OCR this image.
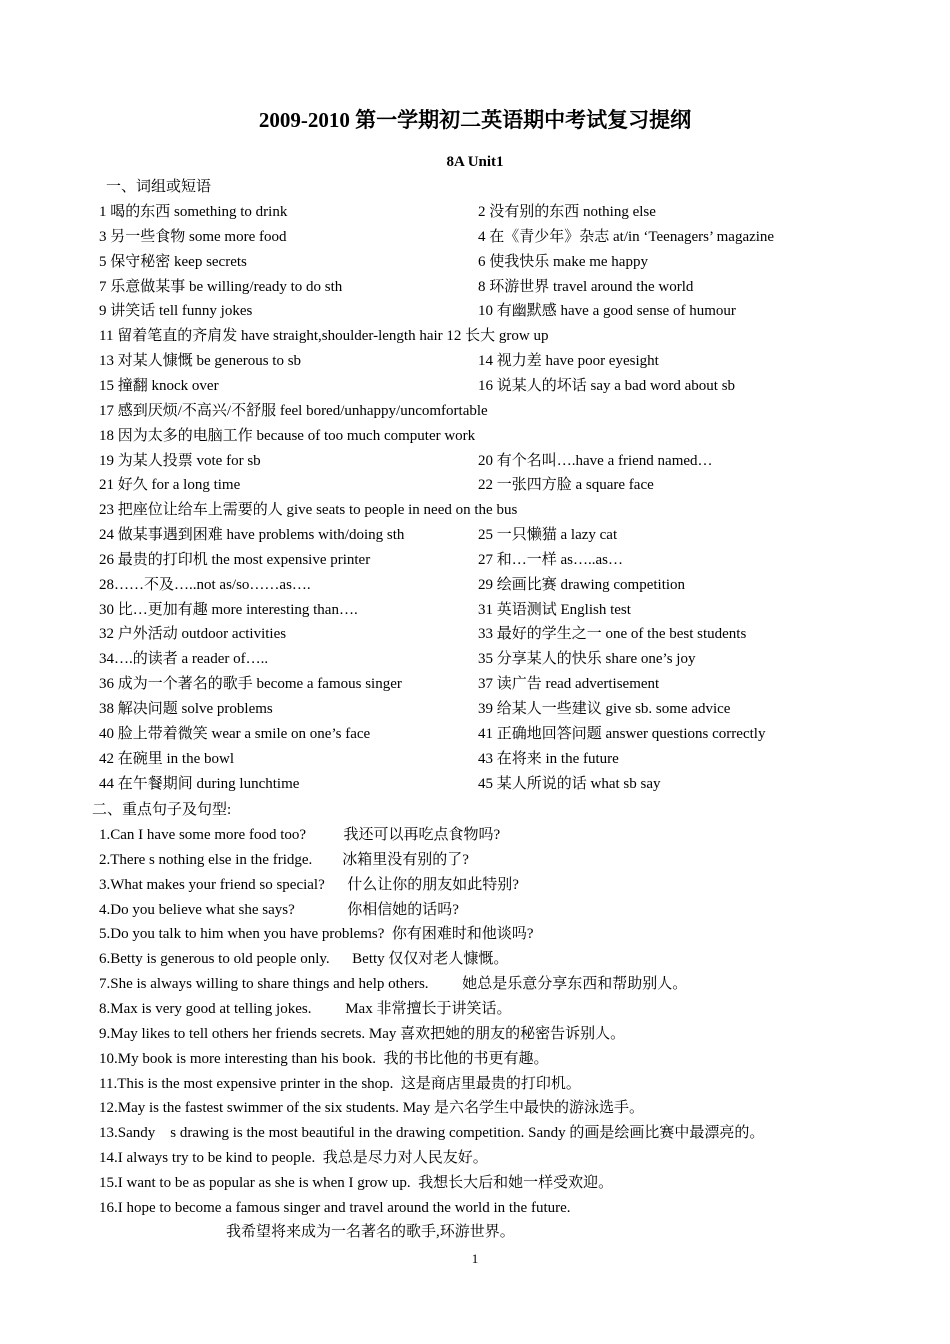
2009-2010 第一学期初二英语期中考试复习提纲
8A Unit1
一、词组或短语
1 喝的东西 something to drink	2 没有别的东西 nothing else
3 另一些食物 some more food	4 在《青少年》杂志 at/in ‘Teenagers’ magazine
5 保守秘密 keep secrets	6 使我快乐 make me happy
7 乐意做某事 be willing/ready to do sth	8 环游世界 travel around the world
9 讲笑话 tell funny jokes	10 有幽默感 have a good sense of humour
11 留着笔直的齐肩发 have straight,shoulder-length hair 12 长大 grow up
13 对某人慷慨 be generous to sb	14 视力差 have poor eyesight
15 撞翻 knock over	16 说某人的坏话 say a bad word about sb
17 感到厌烦/不高兴/不舒服 feel bored/unhappy/uncomfortable
18 因为太多的电脑工作 because of too much computer work
19 为某人投票 vote for sb	20 有个名叫….have a friend named…
21 好久 for a long time	22 一张四方脸 a square face
23 把座位让给车上需要的人 give seats to people in need on the bus
24 做某事遇到困难 have problems with/doing sth	25 一只懒猫 a lazy cat
26 最贵的打印机 the most expensive printer	27 和…一样 as…..as…
28……不及…..not as/so……as….	29 绘画比赛 drawing competition
30 比…更加有趣 more interesting than….	31 英语测试 English test
32 户外活动 outdoor activities	33 最好的学生之一 one of the best students
34….的读者 a reader of…..	35 分享某人的快乐 share one’s joy
36 成为一个著名的歌手 become a famous singer	37 读广告 read advertisement
38 解决问题 solve problems	39 给某人一些建议 give sb. some advice
40 脸上带着微笑 wear a smile on one’s face	41 正确地回答问题 answer questions correctly
42 在碗里 in the bowl	43 在将来 in the future
44 在午餐期间 during lunchtime	45 某人所说的话 what sb say
二、重点句子及句型:
1.Can I have some more food too?          我还可以再吃点食物吗?
2.There s nothing else in the fridge.        冰箱里没有别的了?
3.What makes your friend so special?      什么让你的朋友如此特别?
4.Do you believe what she says?              你相信她的话吗?
5.Do you talk to him when you have problems?  你有困难时和他谈吗?
6.Betty is generous to old people only.      Betty 仅仅对老人慷慨。
7.She is always willing to share things and help others.         她总是乐意分享东西和帮助别人。
8.Max is very good at telling jokes.         Max 非常擅长于讲笑话。
9.May likes to tell others her friends secrets. May 喜欢把她的朋友的秘密告诉别人。
10.My book is more interesting than his book.  我的书比他的书更有趣。
11.This is the most expensive printer in the shop.  这是商店里最贵的打印机。
12.May is the fastest swimmer of the six students. May 是六名学生中最快的游泳选手。
13.Sandy    s drawing is the most beautiful in the drawing competition. Sandy 的画是绘画比赛中最漂亮的。
14.I always try to be kind to people.  我总是尽力对人民友好。
15.I want to be as popular as she is when I grow up.  我想长大后和她一样受欢迎。
16.I hope to become a famous singer and travel around the world in the future.
我希望将来成为一名著名的歌手,环游世界。
1
